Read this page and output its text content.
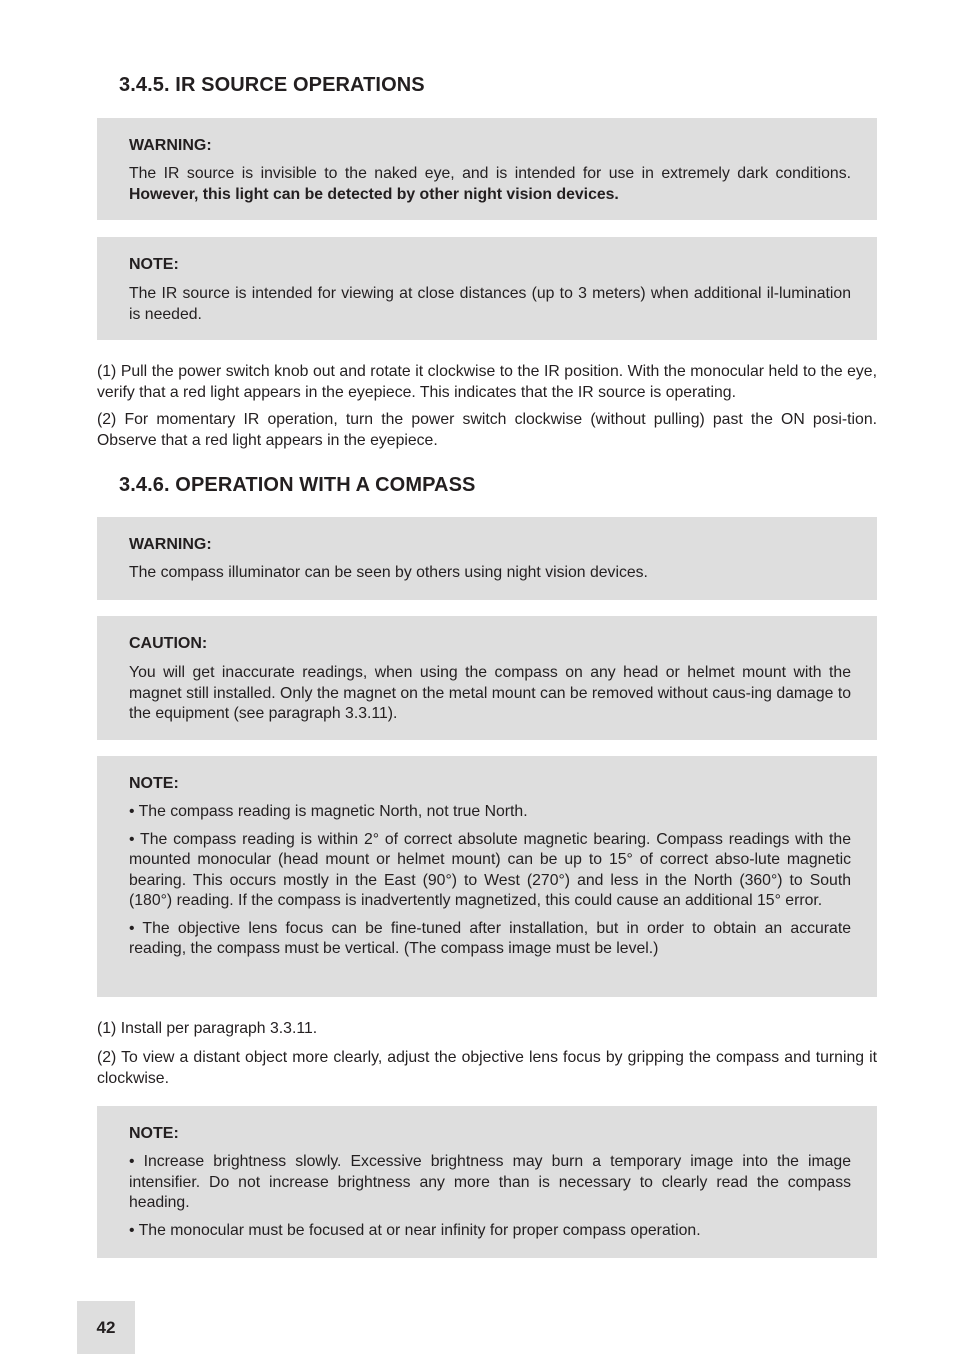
3.4.5. IR SOURCE OPERATIONS
WARNING:

The IR source is invisible to the naked eye, and is intended for use in extremely dark conditions. However, this light can be detected by other night vision devices.

NOTE:

The IR source is intended for viewing at close distances (up to 3 meters) when additional il-lumination is needed.

(1) Pull the power switch knob out and rotate it clockwise to the IR position. With the monocular held to the eye, verify that a red light appears in the eyepiece. This indicates that the IR source is operating.

(2) For momentary IR operation, turn the power switch clockwise (without pulling) past the ON posi-tion. Observe that a red light appears in the eyepiece.

3.4.6. OPERATION WITH A COMPASS
WARNING:

The compass illuminator can be seen by others using night vision devices.

CAUTION:

You will get inaccurate readings, when using the compass on any head or helmet mount with the magnet still installed. Only the magnet on the metal mount can be removed without caus-ing damage to the equipment (see paragraph 3.3.11).

NOTE:

• The compass reading is magnetic North, not true North.

• The compass reading is within 2° of correct absolute magnetic bearing. Compass readings with the mounted monocular (head mount or helmet mount) can be up to 15° of correct abso-lute magnetic bearing. This occurs mostly in the East (90°) to West (270°) and less in the North (360°) to South (180°) reading. If the compass is inadvertently magnetized, this could cause an additional 15° error.

• The objective lens focus can be fine-tuned after installation, but in order to obtain an accurate reading, the compass must be vertical. (The compass image must be level.)

(1) Install per paragraph 3.3.11.

(2) To view a distant object more clearly, adjust the objective lens focus by gripping the compass and turning it clockwise.

NOTE:

• Increase brightness slowly. Excessive brightness may burn a temporary image into the image intensifier. Do not increase brightness any more than is necessary to clearly read the compass heading.

• The monocular must be focused at or near infinity for proper compass operation.

42
